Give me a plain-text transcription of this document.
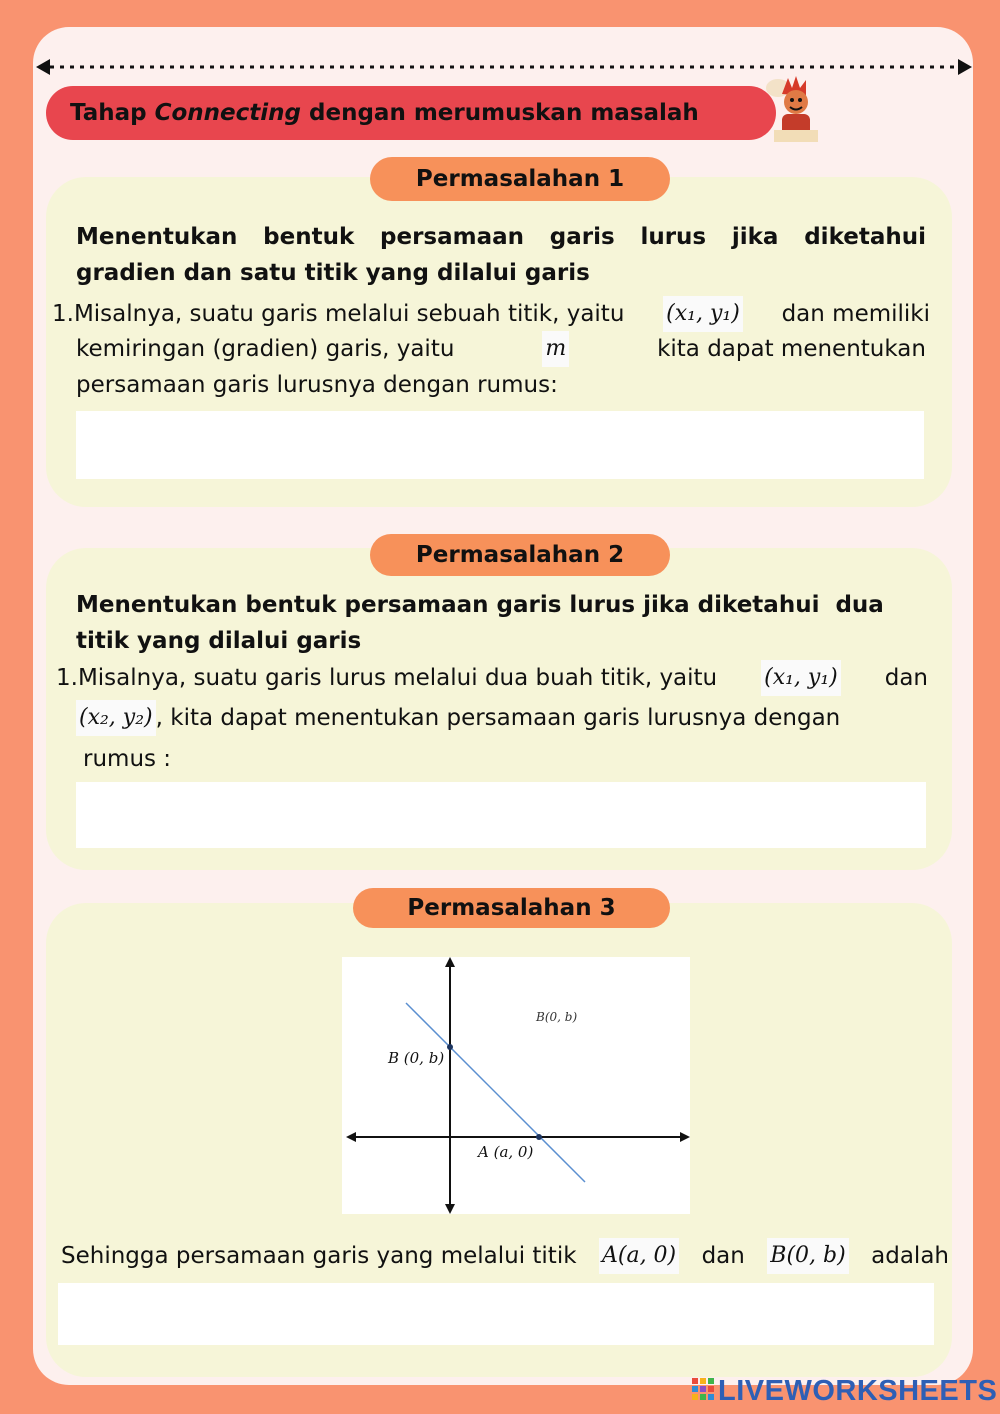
Tahap Connecting dengan merumuskan masalah
Permasalahan 1
Menentukan bentuk persamaan garis lurus jika diketahui
gradien dan satu titik yang dilalui garis
1.Misalnya, suatu garis melalui sebuah titik, yaitu (x₁, y₁) dan memiliki
kemiringan (gradien) garis, yaitu	m	kita dapat menentukan
persamaan garis lurusnya dengan rumus:
Permasalahan 2
Menentukan bentuk persamaan garis lurus jika diketahui  dua
titik yang dilalui garis
1.Misalnya, suatu garis lurus melalui dua buah titik, yaitu (x₁, y₁) dan
(x₂, y₂) , kita dapat menentukan persamaan garis lurusnya dengan
rumus :
Permasalahan 3
B (0, b)
A (a, 0)
B(0, b)
Sehingga persamaan garis yang melalui titik A(a, 0) dan B(0, b) adalah
LIVEWORKSHEETS
